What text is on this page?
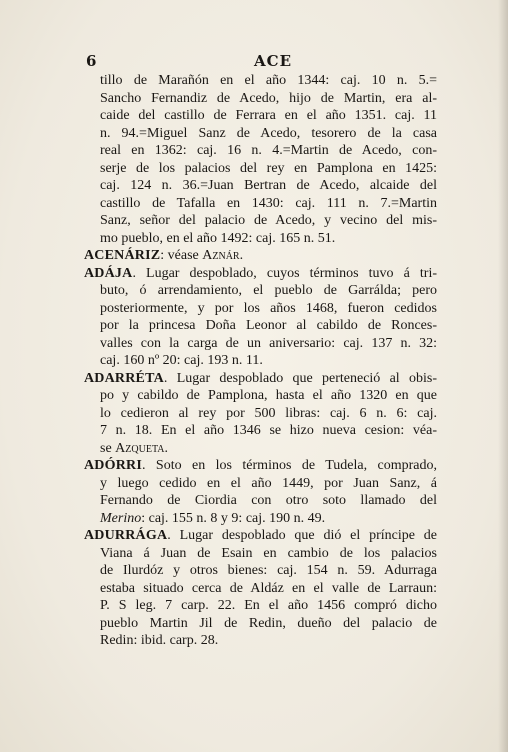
6	ACE
tillo de Marañón en el año 1344: caj. 10 n. 5.=
Sancho Fernandiz de Acedo, hijo de Martin, era al-
caide del castillo de Ferrara en el año 1351. caj. 11
n. 94.=Miguel Sanz de Acedo, tesorero de la casa
real en 1362: caj. 16 n. 4.=Martin de Acedo, con-
serje de los palacios del rey en Pamplona en 1425:
caj. 124 n. 36.=Juan Bertran de Acedo, alcaide del
castillo de Tafalla en 1430: caj. 111 n. 7.=Martin
Sanz, señor del palacio de Acedo, y vecino del mis-
mo pueblo, en el año 1492: caj. 165 n. 51.
ACENÁRIZ: véase Aznár.
ADÁJA. Lugar despoblado, cuyos términos tuvo á tri-
buto, ó arrendamiento, el pueblo de Garrálda; pero
posteriormente, y por los años 1468, fueron cedidos
por la princesa Doña Leonor al cabildo de Ronces-
valles con la carga de un aniversario: caj. 137 n. 32:
caj. 160 nº 20: caj. 193 n. 11.
ADARRÉTA. Lugar despoblado que perteneció al obis-
po y cabildo de Pamplona, hasta el año 1320 en que
lo cedieron al rey por 500 libras: caj. 6 n. 6: caj.
7 n. 18. En el año 1346 se hizo nueva cesion: véa-
se Azqueta.
ADÓRRI. Soto en los términos de Tudela, comprado,
y luego cedido en el año 1449, por Juan Sanz, á
Fernando de Ciordia con otro soto llamado del
Merino: caj. 155 n. 8 y 9: caj. 190 n. 49.
ADURRÁGA. Lugar despoblado que dió el príncipe de
Viana á Juan de Esain en cambio de los palacios
de Ilurdóz y otros bienes: caj. 154 n. 59. Adurraga
estaba situado cerca de Aldáz en el valle de Larraun:
P. S leg. 7 carp. 22. En el año 1456 compró dicho
pueblo Martin Jil de Redin, dueño del palacio de
Redin: ibid. carp. 28.
